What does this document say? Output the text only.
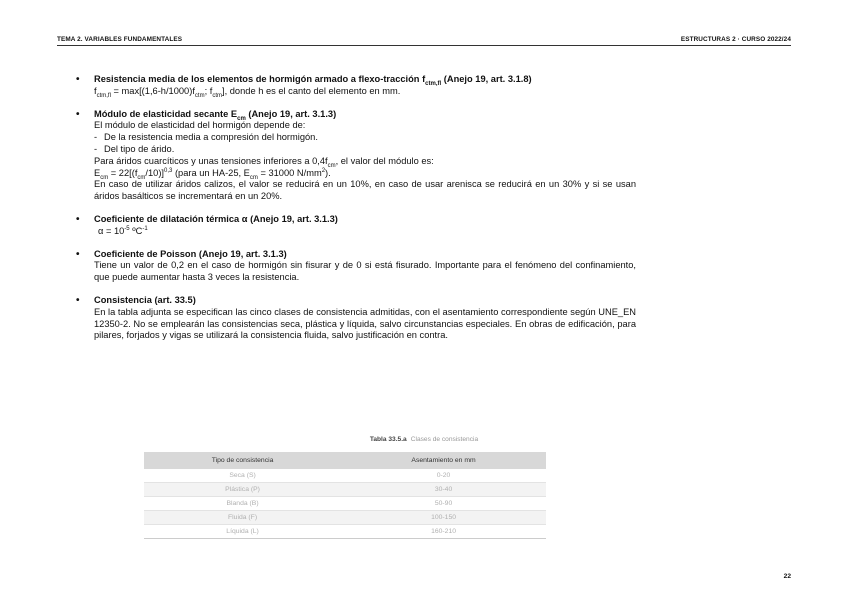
TEMA 2. VARIABLES FUNDAMENTALES	ESTRUCTURAS 2 · CURSO 2022/24
• Resistencia media de los elementos de hormigón armado a flexo-tracción $f_{ctm,fl}$ (Anejo 19, art. 3.1.8)
$f_{ctm,fl} = \max[(1,6-h/1000)f_{ctm}$; $f_{ctm}$], donde h es el canto del elemento en mm.
• Módulo de elasticidad secante $E_{cm}$ (Anejo 19, art. 3.1.3)
El módulo de elasticidad del hormigón depende de:
- De la resistencia media a compresión del hormigón.
- Del tipo de árido.
Para áridos cuarcíticos y unas tensiones inferiores a $0,4f_{cm}$, el valor del módulo es:
$E_{cm} = 22[(f_{cm}/10)]^{0,3}$ (para un HA-25, $E_{cm} = 31000$ $N/mm^2$).
En caso de utilizar áridos calizos, el valor se reducirá en un 10%, en caso de usar arenisca se reducirá en un 30% y si se usan áridos basálticos se incrementará en un 20%.
• Coeficiente de dilatación térmica α (Anejo 19, art. 3.1.3)
$\alpha = 10^{-5}$ ºC$^{-1}$
• Coeficiente de Poisson (Anejo 19, art. 3.1.3)
Tiene un valor de 0,2 en el caso de hormigón sin fisurar y de 0 si está fisurado. Importante para el fenómeno del confinamiento, que puede aumentar hasta 3 veces la resistencia.
• Consistencia (art. 33.5)
En la tabla adjunta se especifican las cinco clases de consistencia admitidas, con el asentamiento correspondiente según UNE_EN 12350-2. No se emplearán las consistencias seca, plástica y líquida, salvo circunstancias especiales. En obras de edificación, para pilares, forjados y vigas se utilizará la consistencia fluida, salvo justificación en contra.
Tabla 33.5.a Clases de consistencia
Tipo de consistencia	Asentamiento en mm
Seca (S)	0-20
Plástica (P)	30-40
Blanda (B)	50-90
Fluida (F)	100-150
Líquida (L)	160-210
22
